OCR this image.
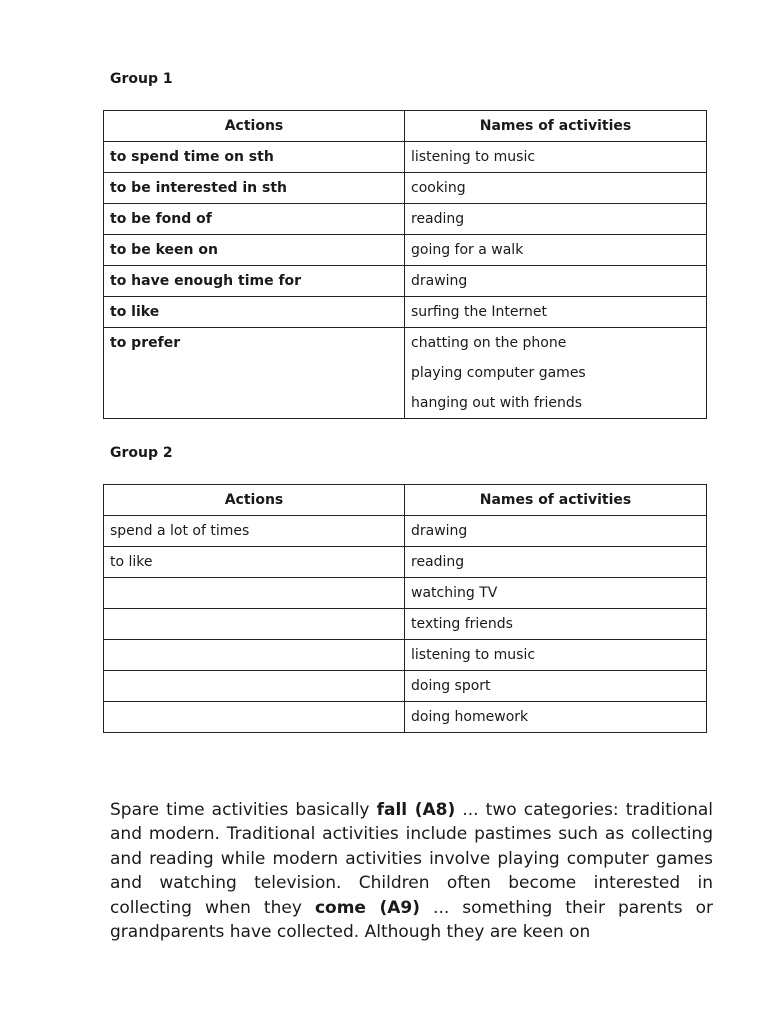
Group 1
Actions	Names of activities
to spend time on sth	listening to music

to be interested in sth	cooking

to be fond of	reading

to be keen on	going for a walk

to have enough time for	drawing

to like	surfing the Internet

to prefer	chatting on the phone
playing computer games
hanging out with friends
Group 2
Actions	Names of activities
spend a lot of times	drawing

to like	reading

	watching TV

	texting friends

	listening to music

	doing sport

	doing homework
Spare time activities basically fall (A8) ... two categories: traditional and modern. Traditional activities include pastimes such as collecting and reading while modern activities involve playing computer games and watching television. Children often become interested in collecting when they come (A9) ... something their parents or grandparents have collected. Although they are keen on
